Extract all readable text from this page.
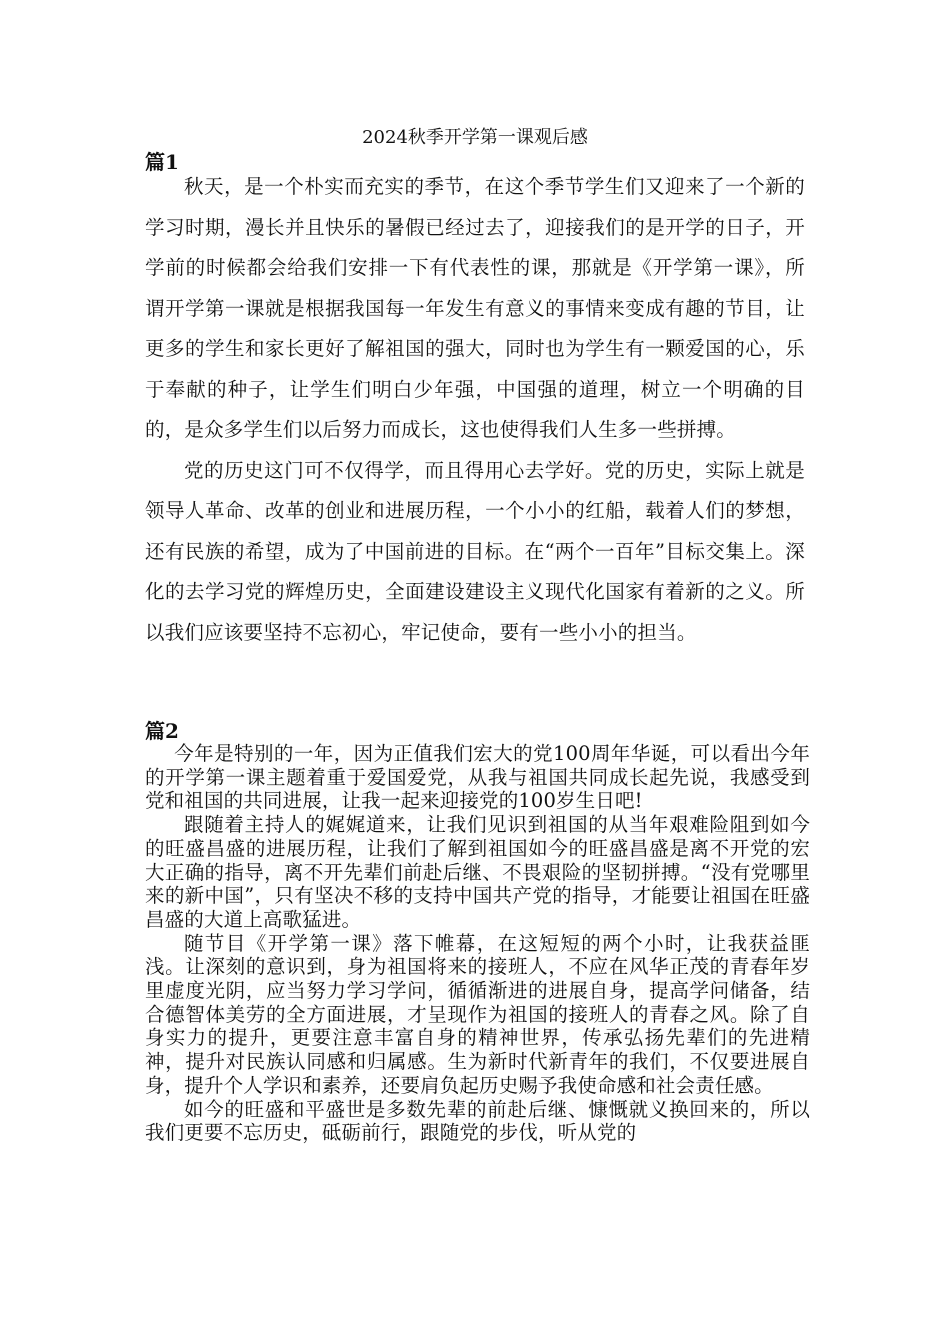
2024秋季开学第一课观后感
篇1

秋天，是一个朴实而充实的季节，在这个季节学生们又迎来了一个新的学习时期，漫长并且快乐的暑假已经过去了，迎接我们的是开学的日子，开学前的时候都会给我们安排一下有代表性的课，那就是《开学第一课》，所谓开学第一课就是根据我国每一年发生有意义的事情来变成有趣的节目，让更多的学生和家长更好了解祖国的强大，同时也为学生有一颗爱国的心，乐于奉献的种子，让学生们明白少年强，中国强的道理，树立一个明确的目的，是众多学生们以后努力而成长，这也使得我们人生多一些拼搏。

党的历史这门可不仅得学，而且得用心去学好。党的历史，实际上就是领导人革命、改革的创业和进展历程，一个小小的红船，载着人们的梦想，还有民族的希望，成为了中国前进的目标。在“两个一百年”目标交集上。深化的去学习党的辉煌历史，全面建设建设主义现代化国家有着新的之义。所以我们应该要坚持不忘初心，牢记使命，要有一些小小的担当。

篇2

今年是特别的一年，因为正值我们宏大的党100周年华诞，可以看出今年的开学第一课主题着重于爱国爱党，从我与祖国共同成长起先说，我感受到党和祖国的共同进展，让我一起来迎接党的100岁生日吧!

跟随着主持人的娓娓道来，让我们见识到祖国的从当年艰难险阻到如今的旺盛昌盛的进展历程，让我们了解到祖国如今的旺盛昌盛是离不开党的宏大正确的指导，离不开先辈们前赴后继、不畏艰险的坚韧拼搏。“没有党哪里来的新中国”，只有坚决不移的支持中国共产党的指导，才能要让祖国在旺盛昌盛的大道上高歌猛进。

随节目《开学第一课》落下帷幕，在这短短的两个小时，让我获益匪浅。让深刻的意识到，身为祖国将来的接班人，不应在风华正茂的青春年岁里虚度光阴，应当努力学习学问，循循渐进的进展自身，提高学问储备，结合德智体美劳的全方面进展，才呈现作为祖国的接班人的青春之风。除了自身实力的提升，更要注意丰富自身的精神世界，传承弘扬先辈们的先进精神，提升对民族认同感和归属感。生为新时代新青年的我们，不仅要进展自身，提升个人学识和素养，还要肩负起历史赐予我使命感和社会责任感。

如今的旺盛和平盛世是多数先辈的前赴后继、慷慨就义换回来的，所以我们更要不忘历史，砥砺前行，跟随党的步伐，听从党的
